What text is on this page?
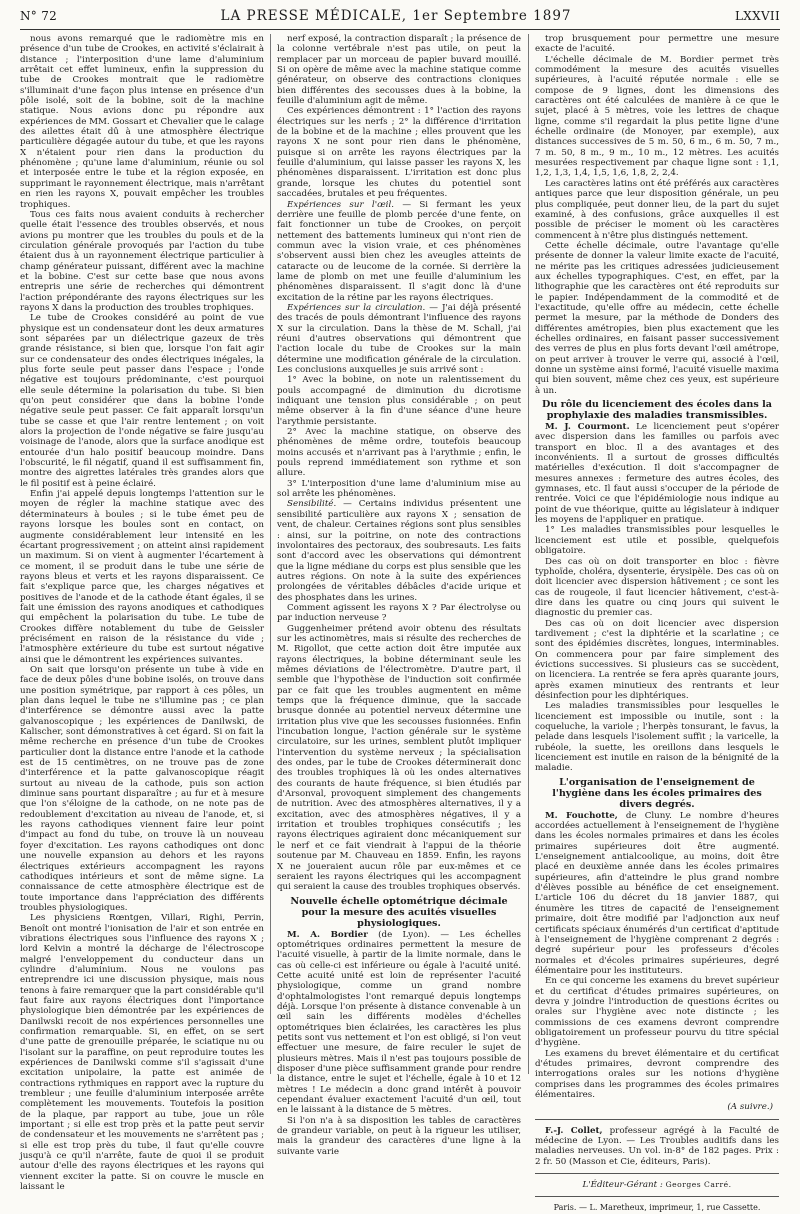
N° 72	LA PRESSE MÉDICALE, 1er Septembre 1897	LXXVII

nous avons remarqué que le radiomètre mis en présence d'un tube de Crookes, en activité s'éclairait à distance ; l'interposition d'une lame d'aluminium arrêtait cet effet lumineux, enfin la suppression du tube de Crookes montrait que le radiomètre s'illuminait d'une façon plus intense en présence d'un pôle isolé, soit de la bobine, soit de la machine statique. Nous avions donc pu répondre aux expériences de MM. Gossart et Chevalier que le calage des ailettes était dû à une atmosphère électrique particulière dégagée autour du tube, et que les rayons X n'étaient pour rien dans la production du phénomène ; qu'une lame d'aluminium, réunie ou sol et interposée entre le tube et la région exposée, en supprimant le rayonnement électrique, mais n'arrêtant en rien les rayons X, pouvait empêcher les troubles trophiques.

Tous ces faits nous avaient conduits à rechercher quelle était l'essence des troubles observés, et nous avions pu montrer que les troubles du pouls et de la circulation générale provoqués par l'action du tube étaient dus à un rayonnement électrique particulier à champ générateur puissant, différent avec la machine et la bobine. C'est sur cette base que nous avons entrepris une série de recherches qui démontrent l'action prépondérante des rayons électriques sur les rayons X dans la production des troubles trophiques.

Le tube de Crookes considéré au point de vue physique est un condensateur dont les deux armatures sont séparées par un diélectrique gazeux de très grande résistance, si bien que, lorsque l'on fait agir sur ce condensateur des ondes électriques inégales, la plus forte seule peut passer dans l'espace ; l'onde négative est toujours prédominante, c'est pourquoi elle seule détermine la polarisation du tube. Si bien qu'on peut considérer que dans la bobine l'onde négative seule peut passer. Ce fait apparaît lorsqu'un tube se casse et que l'air rentre lentement ; on voit alors la projection de l'onde négative se faire jusqu'au voisinage de l'anode, alors que la surface anodique est entourée d'un halo positif beaucoup moindre. Dans l'obscurité, le fil négatif, quand il est suffisamment fin, montre des aigrettes latérales très grandes alors que le fil positif est à peine éclairé.

Enfin j'ai appelé depuis longtemps l'attention sur le moyen de régler la machine statique avec des déterminateurs à boules ; si le tube émet peu de rayons lorsque les boules sont en contact, on augmente considérablement leur intensité en les écartant progressivement ; on atteint ainsi rapidement un maximum. Si on vient à augmenter l'écartement à ce moment, il se produit dans le tube une série de rayons bleus et verts et les rayons disparaissent. Ce fait s'explique parce que, les charges négatives et positives de l'anode et de la cathode étant égales, il se fait une émission des rayons anodiques et cathodiques qui empêchent la polarisation du tube. Le tube de Crookes diffère notablement du tube de Geissler précisément en raison de la résistance du vide ; l'atmosphère extérieure du tube est surtout négative ainsi que le démontrent les expériences suivantes.

On sait que lorsqu'on présente un tube à vide en face de deux pôles d'une bobine isolés, on trouve dans une position symétrique, par rapport à ces pôles, un plan dans lequel le tube ne s'illumine pas ; ce plan d'interférence se démontre aussi avec la patte galvanoscopique ; les expériences de Danilwski, de Kalischer, sont démonstratives à cet égard. Si on fait la même recherche en présence d'un tube de Crookes particulier dont la distance entre l'anode et la cathode est de 15 centimètres, on ne trouve pas de zone d'interférence et la patte galvanoscopique réagit surtout au niveau de la cathode, puis son action diminue sans pourtant disparaître ; au fur et à mesure que l'on s'éloigne de la cathode, on ne note pas de redoublement d'excitation au niveau de l'anode, et, si les rayons cathodiques viennent faire leur point d'impact au fond du tube, on trouve là un nouveau foyer d'excitation. Les rayons cathodiques ont donc une nouvelle expansion au dehors et les rayons électriques extérieurs accompagnent les rayons cathodiques intérieurs et sont de même signe. La connaissance de cette atmosphère électrique est de toute importance dans l'appréciation des différents troubles physiologiques.

Les physiciens Rœntgen, Villari, Righi, Perrin, Benoît ont montré l'ionisation de l'air et son entrée en vibrations électriques sous l'influence des rayons X ; lord Kelvin a montré la décharge de l'électroscope malgré l'enveloppement du conducteur dans un cylindre d'aluminium. Nous ne voulons pas entreprendre ici une discussion physique, mais nous tenons à faire remarquer que la part considérable qu'il faut faire aux rayons électriques dont l'importance physiologique bien démontrée par les expériences de Danilwski recoit de nos expériences personnelles une confirmation remarquable. Si, en effet, on se sert d'une patte de grenouille préparée, le sciatique nu ou l'isolant sur la paraffine, on peut reproduire toutes les expériences de Danilwski comme s'il s'agissait d'une excitation unipolaire, la patte est animée de contractions rythmiques en rapport avec la rupture du trembleur ; une feuille d'aluminium interposée arrête complètement les mouvements. Toutefois la position de la plaque, par rapport au tube, joue un rôle important ; si elle est trop près et la patte peut servir de condensateur et les mouvements ne s'arrêtent pas ; si elle est trop près du tube, il faut qu'elle couvre jusqu'à ce qu'il n'arrête, faute de quoi il se produit autour d'elle des rayons électriques et les rayons qui viennent exciter la patte. Si on couvre le muscle en laissant le

nerf exposé, la contraction disparaît ; la présence de la colonne vertébrale n'est pas utile, on peut la remplacer par un morceau de papier buvard mouillé. Si on opère de même avec la machine statique comme générateur, on observe des contractions cloniques bien différentes des secousses dues à la bobine, la feuille d'aluminium agit de même.

Ces expériences démontrent : 1° l'action des rayons électriques sur les nerfs ; 2° la différence d'irritation de la bobine et de la machine ; elles prouvent que les rayons X ne sont pour rien dans le phénomène, puisque si on arrête les rayons électriques par la feuille d'aluminium, qui laisse passer les rayons X, les phénomènes disparaissent. L'irritation est donc plus grande, lorsque les chutes du potentiel sont saccadées, brutales et peu fréquentes.

Expériences sur l'œil. — Si fermant les yeux derrière une feuille de plomb percée d'une fente, on fait fonctionner un tube de Crookes, on perçoit nettement des battements lumineux qui n'ont rien de commun avec la vision vraie, et ces phénomènes s'observent aussi bien chez les aveugles atteints de cataracte ou de leucome de la cornée. Si derrière la lame de plomb on met une feuille d'aluminium les phénomènes disparaissent. Il s'agit donc là d'une excitation de la rétine par les rayons électriques.

Expériences sur la circulation. — J'ai déjà présenté des tracés de pouls démontrant l'influence des rayons X sur la circulation. Dans la thèse de M. Schall, j'ai réuni d'autres observations qui démontrent que l'action locale du tube de Crookes sur la main détermine une modification générale de la circulation. Les conclusions auxquelles je suis arrivé sont :

1° Avec la bobine, on note un ralentissement du pouls accompagné de diminution du dicrotisme indiquant une tension plus considérable ; on peut même observer à la fin d'une séance d'une heure l'arythmie persistante.

2° Avec la machine statique, on observe des phénomènes de même ordre, toutefois beaucoup moins accusés et n'arrivant pas à l'arythmie ; enfin, le pouls reprend immédiatement son rythme et son allure.

3° L'interposition d'une lame d'aluminium mise au sol arrête les phénomènes.

Sensibilité. — Certains individus présentent une sensibilité particulière aux rayons X ; sensation de vent, de chaleur. Certaines régions sont plus sensibles : ainsi, sur la poitrine, on note des contractions involontaires des pectoraux, des soubresauts. Les faits sont d'accord avec les observations qui démontrent que la ligne médiane du corps est plus sensible que les autres régions. On note à la suite des expériences prolongées de véritables débâcles d'acide urique et des phosphates dans les urines.

Comment agissent les rayons X ? Par électrolyse ou par induction nerveuse ?

Guggenheimer prétend avoir obtenu des résultats sur les actinomètres, mais si résulte des recherches de M. Rigollot, que cette action doit être imputée aux rayons électriques, la bobine déterminant seule les mêmes déviations de l'électromètre. D'autre part, il semble que l'hypothèse de l'induction soit confirmée par ce fait que les troubles augmentent en même temps que la fréquence diminue, que la saccade brusque donnée au potentiel nerveux détermine une irritation plus vive que les secousses fusionnées. Enfin l'incubation longue, l'action générale sur le système circulatoire, sur les urines, semblent plutôt impliquer l'intervention du système nerveux ; la spécialisation des ondes, par le tube de Crookes déterminerait donc des troubles trophiques là où les ondes alternatives des courants de haute fréquence, si bien étudiés par d'Arsonval, provoquent simplement des changements de nutrition. Avec des atmosphères alternatives, il y a excitation, avec des atmosphères négatives, il y a irritation et troubles trophiques consécutifs ; les rayons électriques agiraient donc mécaniquement sur le nerf et ce fait viendrait à l'appui de la théorie soutenue par M. Chauveau en 1859. Enfin, les rayons X ne joueraient aucun rôle par eux-mêmes et ce seraient les rayons électriques qui les accompagnent qui seraient la cause des troubles trophiques observés.

Nouvelle échelle optométrique décimale pour la mesure des acuités visuelles physiologiques.

M. A. Bordier (de Lyon). — Les échelles optométriques ordinaires permettent la mesure de l'acuité visuelle, à partir de la limite normale, dans le cas où celle-ci est inférieure ou égale à l'acuité unité. Cette acuité unité est loin de représenter l'acuité physiologique, comme un grand nombre d'ophtalmologistes l'ont remarqué depuis longtemps déjà. Lorsque l'on présente à distance convenable à un œil sain les différents modèles d'échelles optométriques bien éclairées, les caractères les plus petits sont vus nettement et l'on est obligé, si l'on veut effectuer une mesure, de faire reculer le sujet de plusieurs mètres. Mais il n'est pas toujours possible de disposer d'une pièce suffisamment grande pour rendre la distance, entre le sujet et l'échelle, égale à 10 et 12 mètres ! Le médecin a donc grand intérêt à pouvoir cependant évaluer exactement l'acuité d'un œil, tout en le laissant à la distance de 5 mètres.

Si l'on n'a à sa disposition les tables de caractères de grandeur variable, on peut à la rigueur les utiliser, mais la grandeur des caractères d'une ligne à la suivante varie

trop brusquement pour permettre une mesure exacte de l'acuité.

L'échelle décimale de M. Bordier permet très commodément la mesure des acuités visuelles supérieures, à l'acuité réputée normale : elle se compose de 9 lignes, dont les dimensions des caractères ont été calculées de manière à ce que le sujet, placé à 5 mètres, voie les lettres de chaque ligne, comme s'il regardait la plus petite ligne d'une échelle ordinaire (de Monoyer, par exemple), aux distances successives de 5 m. 50, 6 m., 6 m. 50, 7 m., 7 m. 50, 8 m., 9 m., 10 m., 12 mètres. Les acuités mesurées respectivement par chaque ligne sont : 1,1, 1,2, 1,3, 1,4, 1,5, 1,6, 1,8, 2, 2,4.

Les caractères latins ont été préférés aux caractères antiques parce que leur disposition générale, un peu plus compliquée, peut donner lieu, de la part du sujet examiné, à des confusions, grâce auxquelles il est possible de préciser le moment où les caractères commencent à n'être plus distingués nettement.

Cette échelle décimale, outre l'avantage qu'elle présente de donner la valeur limite exacte de l'acuité, ne mérite pas les critiques adressées judicieusement aux échelles typographiques. C'est, en effet, par la lithographie que les caractères ont été reproduits sur le papier. Indépendamment de la commodité et de l'exactitude, qu'elle offre au médecin, cette échelle permet la mesure, par la méthode de Donders des différentes amétropies, bien plus exactement que les échelles ordinaires, en faisant passer successivement des verres de plus en plus forts devant l'œil amétrope, on peut arriver à trouver le verre qui, associé à l'œil, donne un système ainsi formé, l'acuité visuelle maxima qui bien souvent, même chez ces yeux, est supérieure à un.

Du rôle du licenciement des écoles dans la prophylaxie des maladies transmissibles.

M. J. Courmont. Le licenciement peut s'opérer avec dispersion dans les familles ou parfois avec transport en bloc. Il a des avantages et des inconvénients. Il a surtout de grosses difficultés matérielles d'exécution. Il doit s'accompagner de mesures annexes : fermeture des autres écoles, des gymnases, etc. Il faut aussi s'occuper de la période de rentrée. Voici ce que l'épidémiologie nous indique au point de vue théorique, quitte au législateur à indiquer les moyens de l'appliquer en pratique.

1° Les maladies transmissibles pour lesquelles le licenciement est utile et possible, quelquefois obligatoire.

Des cas où on doit transporter en bloc : fièvre typhoïde, choléra, dysenterie, érysipèle. Des cas où on doit licencier avec dispersion hâtivement ; ce sont les cas de rougeole, il faut licencier hâtivement, c'est-à-dire dans les quatre ou cinq jours qui suivent le diagnostic du premier cas.

Des cas où on doit licencier avec dispersion tardivement ; c'est la diphtérie et la scarlatine ; ce sont des épidémies discrètes, longues, interminables. On commencera pour par faire simplement des évictions successives. Si plusieurs cas se succèdent, on licenciera. La rentrée se fera après quarante jours, après examen minutieux des rentrants et leur désinfection pour les diphtériques.

Les maladies transmissibles pour lesquelles le licenciement est impossible ou inutile, sont : la coqueluche, la variole ; l'herpès tonsurant, le favus, la pelade dans lesquels l'isolement suffit ; la varicelle, la rubéole, la suette, les oreillons dans lesquels le licenciement est inutile en raison de la bénignité de la maladie.

L'organisation de l'enseignement de l'hygiène dans les écoles primaires des divers degrés.

M. Fouchotte, de Cluny. Le nombre d'heures accordées actuellement à l'enseignement de l'hygiène dans les écoles normales primaires et dans les écoles primaires supérieures doit être augmenté. L'enseignement antialcoolique, au moins, doit être placé en deuxième année dans les écoles primaires supérieures, afin d'atteindre le plus grand nombre d'élèves possible au bénéfice de cet enseignement. L'article 106 du décret du 18 janvier 1887, qui énumère les titres de capacité de l'enseignement primaire, doit être modifié par l'adjonction aux neuf certificats spéciaux énumérés d'un certificat d'aptitude à l'enseignement de l'hygiène comprenant 2 degrés : degré supérieur pour les professeurs d'écoles normales et d'écoles primaires supérieures, degré élémentaire pour les instituteurs.

En ce qui concerne les examens du brevet supérieur et du certificat d'études primaires supérieures, on devra y joindre l'introduction de questions écrites ou orales sur l'hygiène avec note distincte ; les commissions de ces examens devront comprendre obligatoirement un professeur pourvu du titre spécial d'hygiène.

Les examens du brevet élémentaire et du certificat d'études primaires, devront comprendre des interrogations orales sur les notions d'hygiène comprises dans les programmes des écoles primaires élémentaires.

(A suivre.)

F.-J. Collet, professeur agrégé à la Faculté de médecine de Lyon. — Les Troubles auditifs dans les maladies nerveuses. Un vol. in-8° de 182 pages. Prix : 2 fr. 50 (Masson et Cie, éditeurs, Paris).

L'Éditeur-Gérant : Georges Carré.
Paris. — L. Maretheux, imprimeur, 1, rue Cassette.
